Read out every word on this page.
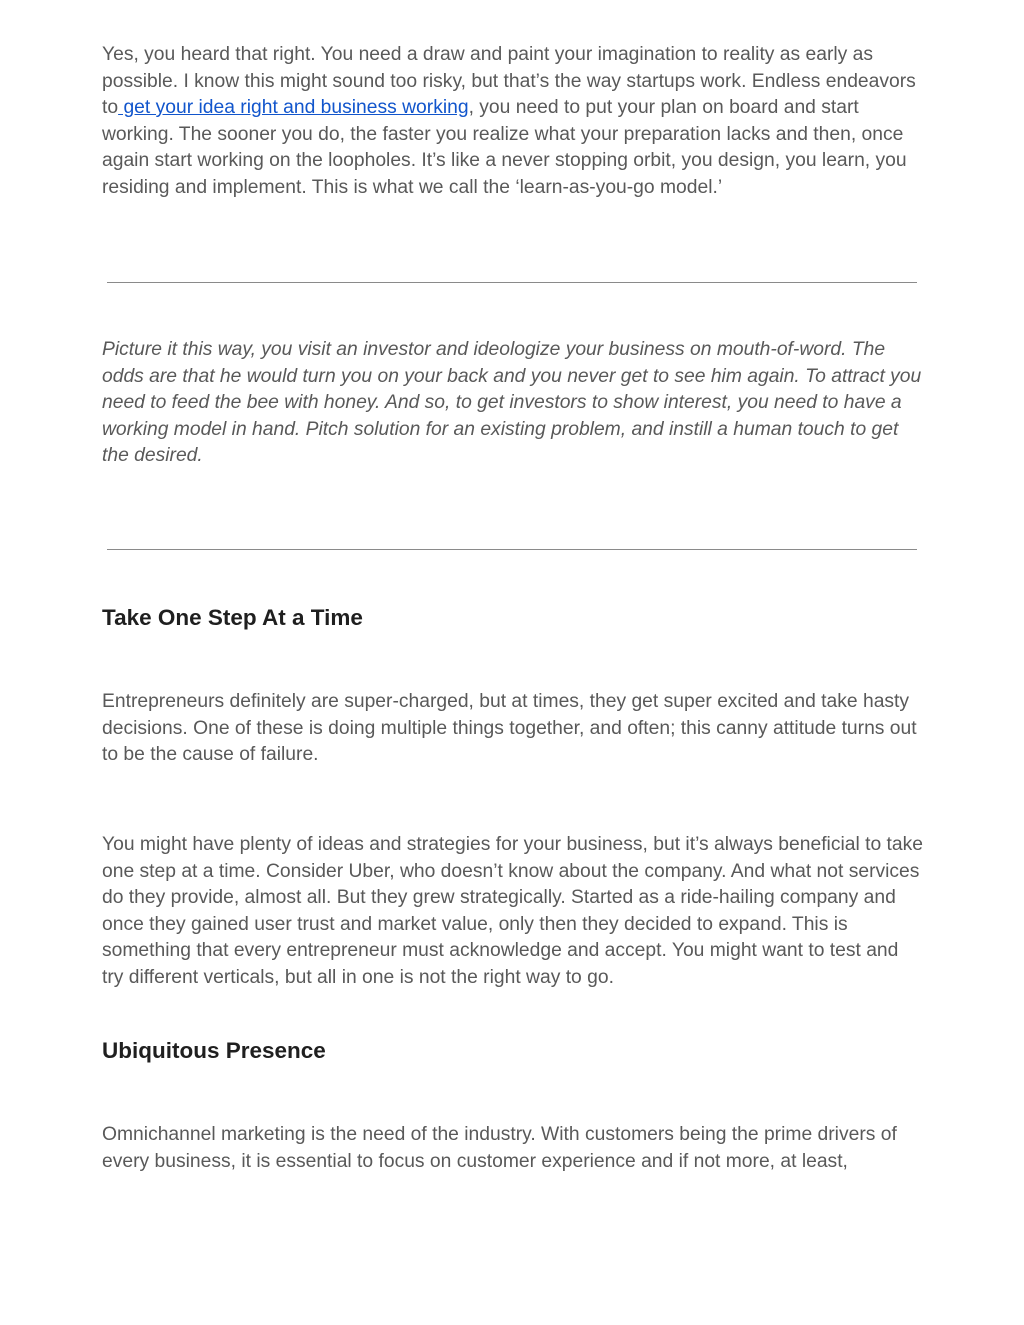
Yes, you heard that right. You need a draw and paint your imagination to reality as early as possible. I know this might sound too risky, but that’s the way startups work. Endless endeavors to get your idea right and business working, you need to put your plan on board and start working. The sooner you do, the faster you realize what your preparation lacks and then, once again start working on the loopholes. It’s like a never stopping orbit, you design, you learn, you residing and implement. This is what we call the ‘learn-as-you-go model.’

Picture it this way, you visit an investor and ideologize your business on mouth-of-word. The odds are that he would turn you on your back and you never get to see him again. To attract you need to feed the bee with honey. And so, to get investors to show interest, you need to have a working model in hand. Pitch solution for an existing problem, and instill a human touch to get the desired.

Take One Step At a Time

Entrepreneurs definitely are super-charged, but at times, they get super excited and take hasty decisions. One of these is doing multiple things together, and often; this canny attitude turns out to be the cause of failure.

You might have plenty of ideas and strategies for your business, but it’s always beneficial to take one step at a time. Consider Uber, who doesn’t know about the company. And what not services do they provide, almost all. But they grew strategically. Started as a ride-hailing company and once they gained user trust and market value, only then they decided to expand. This is something that every entrepreneur must acknowledge and accept. You might want to test and try different verticals, but all in one is not the right way to go.

Ubiquitous Presence

Omnichannel marketing is the need of the industry. With customers being the prime drivers of every business, it is essential to focus on customer experience and if not more, at least,
